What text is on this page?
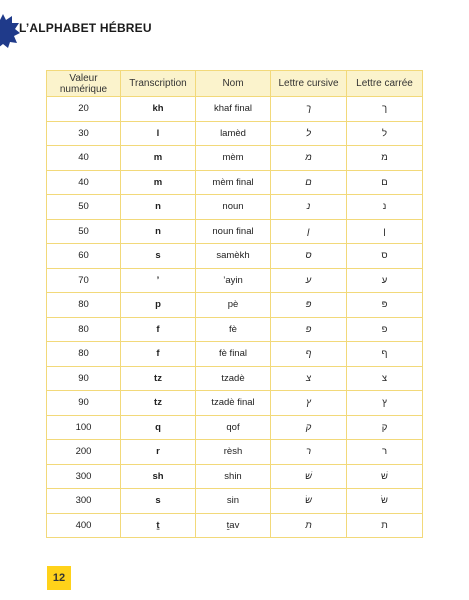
L’ALPHABET HÉBREU
Valeur numérique	Transcription	Nom	Lettre cursive	Lettre carrée
20	kh	khaf final	ך	ך
30	l	lamèd	ל	ל
40	m	mèm	מ	מ
40	m	mèm final	ם	ם
50	n	noun	נ	נ
50	n	noun final	ן	ן
60	s	samèkh	ס	ס
70	’	’ayin	ע	ע
80	p	pè	פּ	פּ
80	f	fè	פ	פ
80	f	fè final	ף	ף
90	tz	tzadè	צ	צ
90	tz	tzadè final	ץ	ץ
100	q	qof	ק	ק
200	r	rèsh	ר	ר
300	sh	shin	שׁ	שׁ
300	s	sin	שׂ	שׂ
400	ṯ	ṯav	ת	ת
12
